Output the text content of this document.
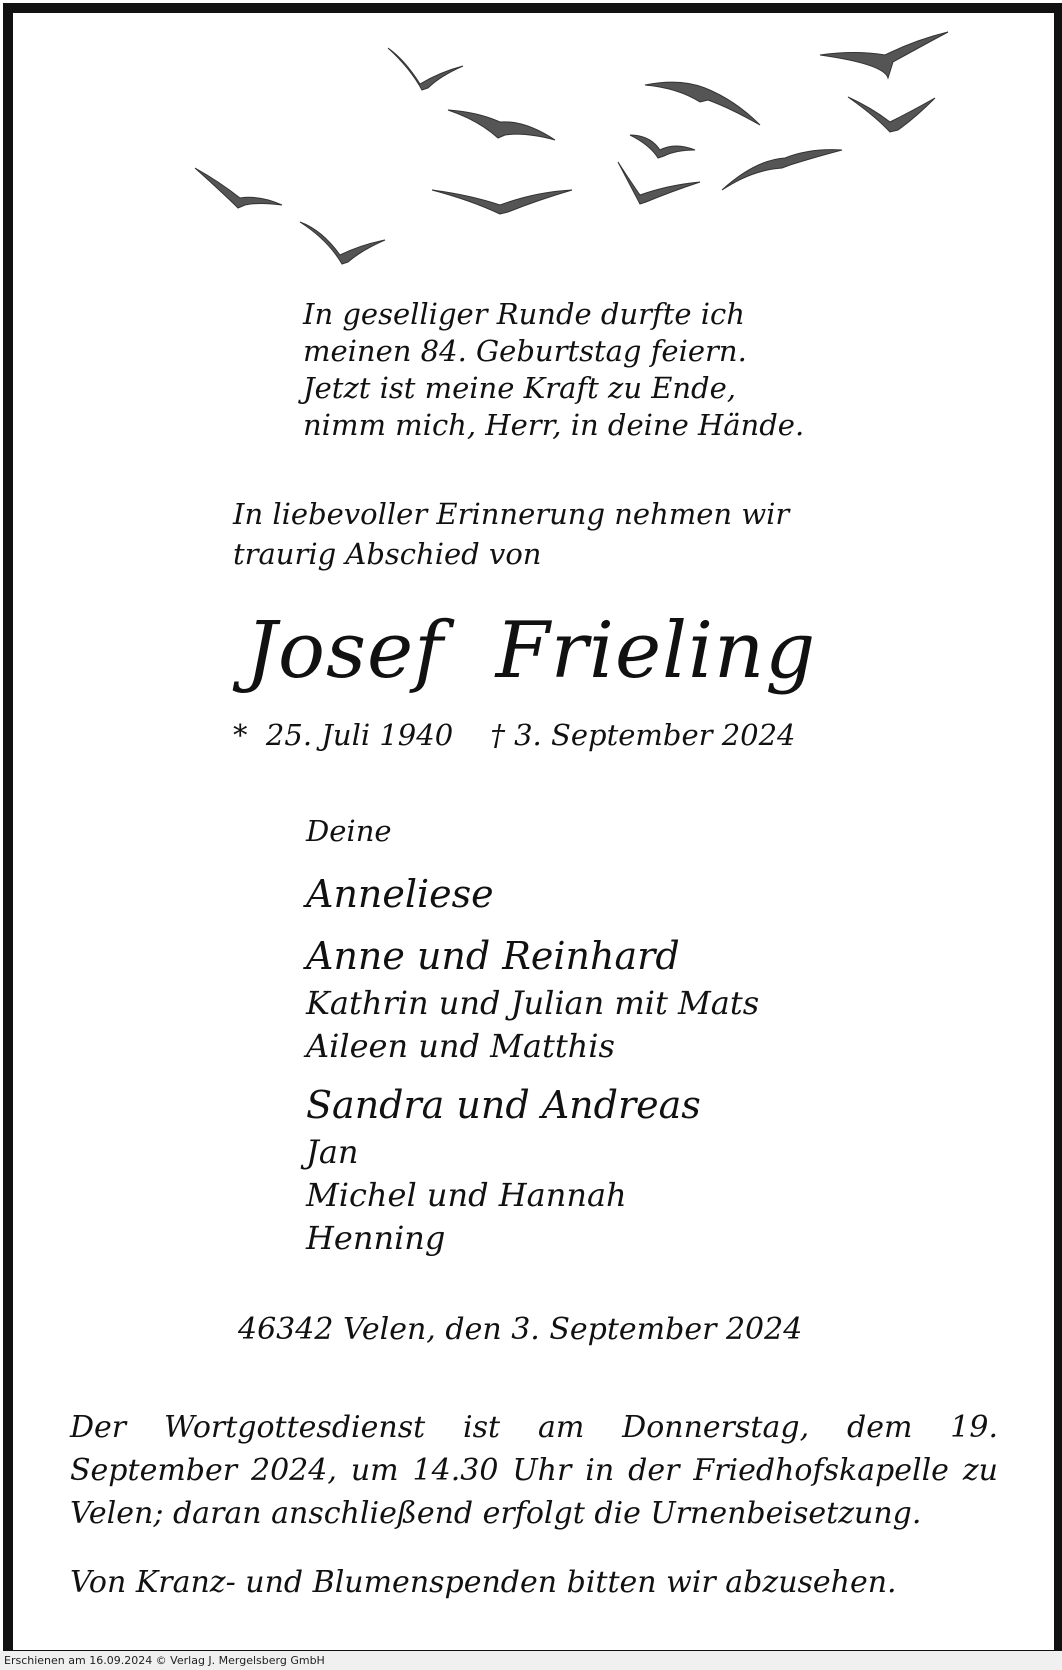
In geselliger Runde durfte ich
meinen 84. Geburtstag feiern.
Jetzt ist meine Kraft zu Ende,
nimm mich, Herr, in deine Hände.
In liebevoller Erinnerung nehmen wir
traurig Abschied von
Josef  Frieling
*  25. Juli 1940 † 3. September 2024
Deine
Anneliese
Anne und Reinhard
Kathrin und Julian mit Mats
Aileen und Matthis
Sandra und Andreas
Jan
Michel und Hannah
Henning
46342 Velen, den 3. September 2024
Der Wortgottesdienst ist am Donnerstag, dem 19. September 2024, um 14.30 Uhr in der Friedhofskapelle zu Velen; daran anschließend erfolgt die Urnenbeisetzung.
Von Kranz- und Blumenspenden bitten wir abzusehen.
Erschienen am 16.09.2024 © Verlag J. Mergelsberg GmbH
